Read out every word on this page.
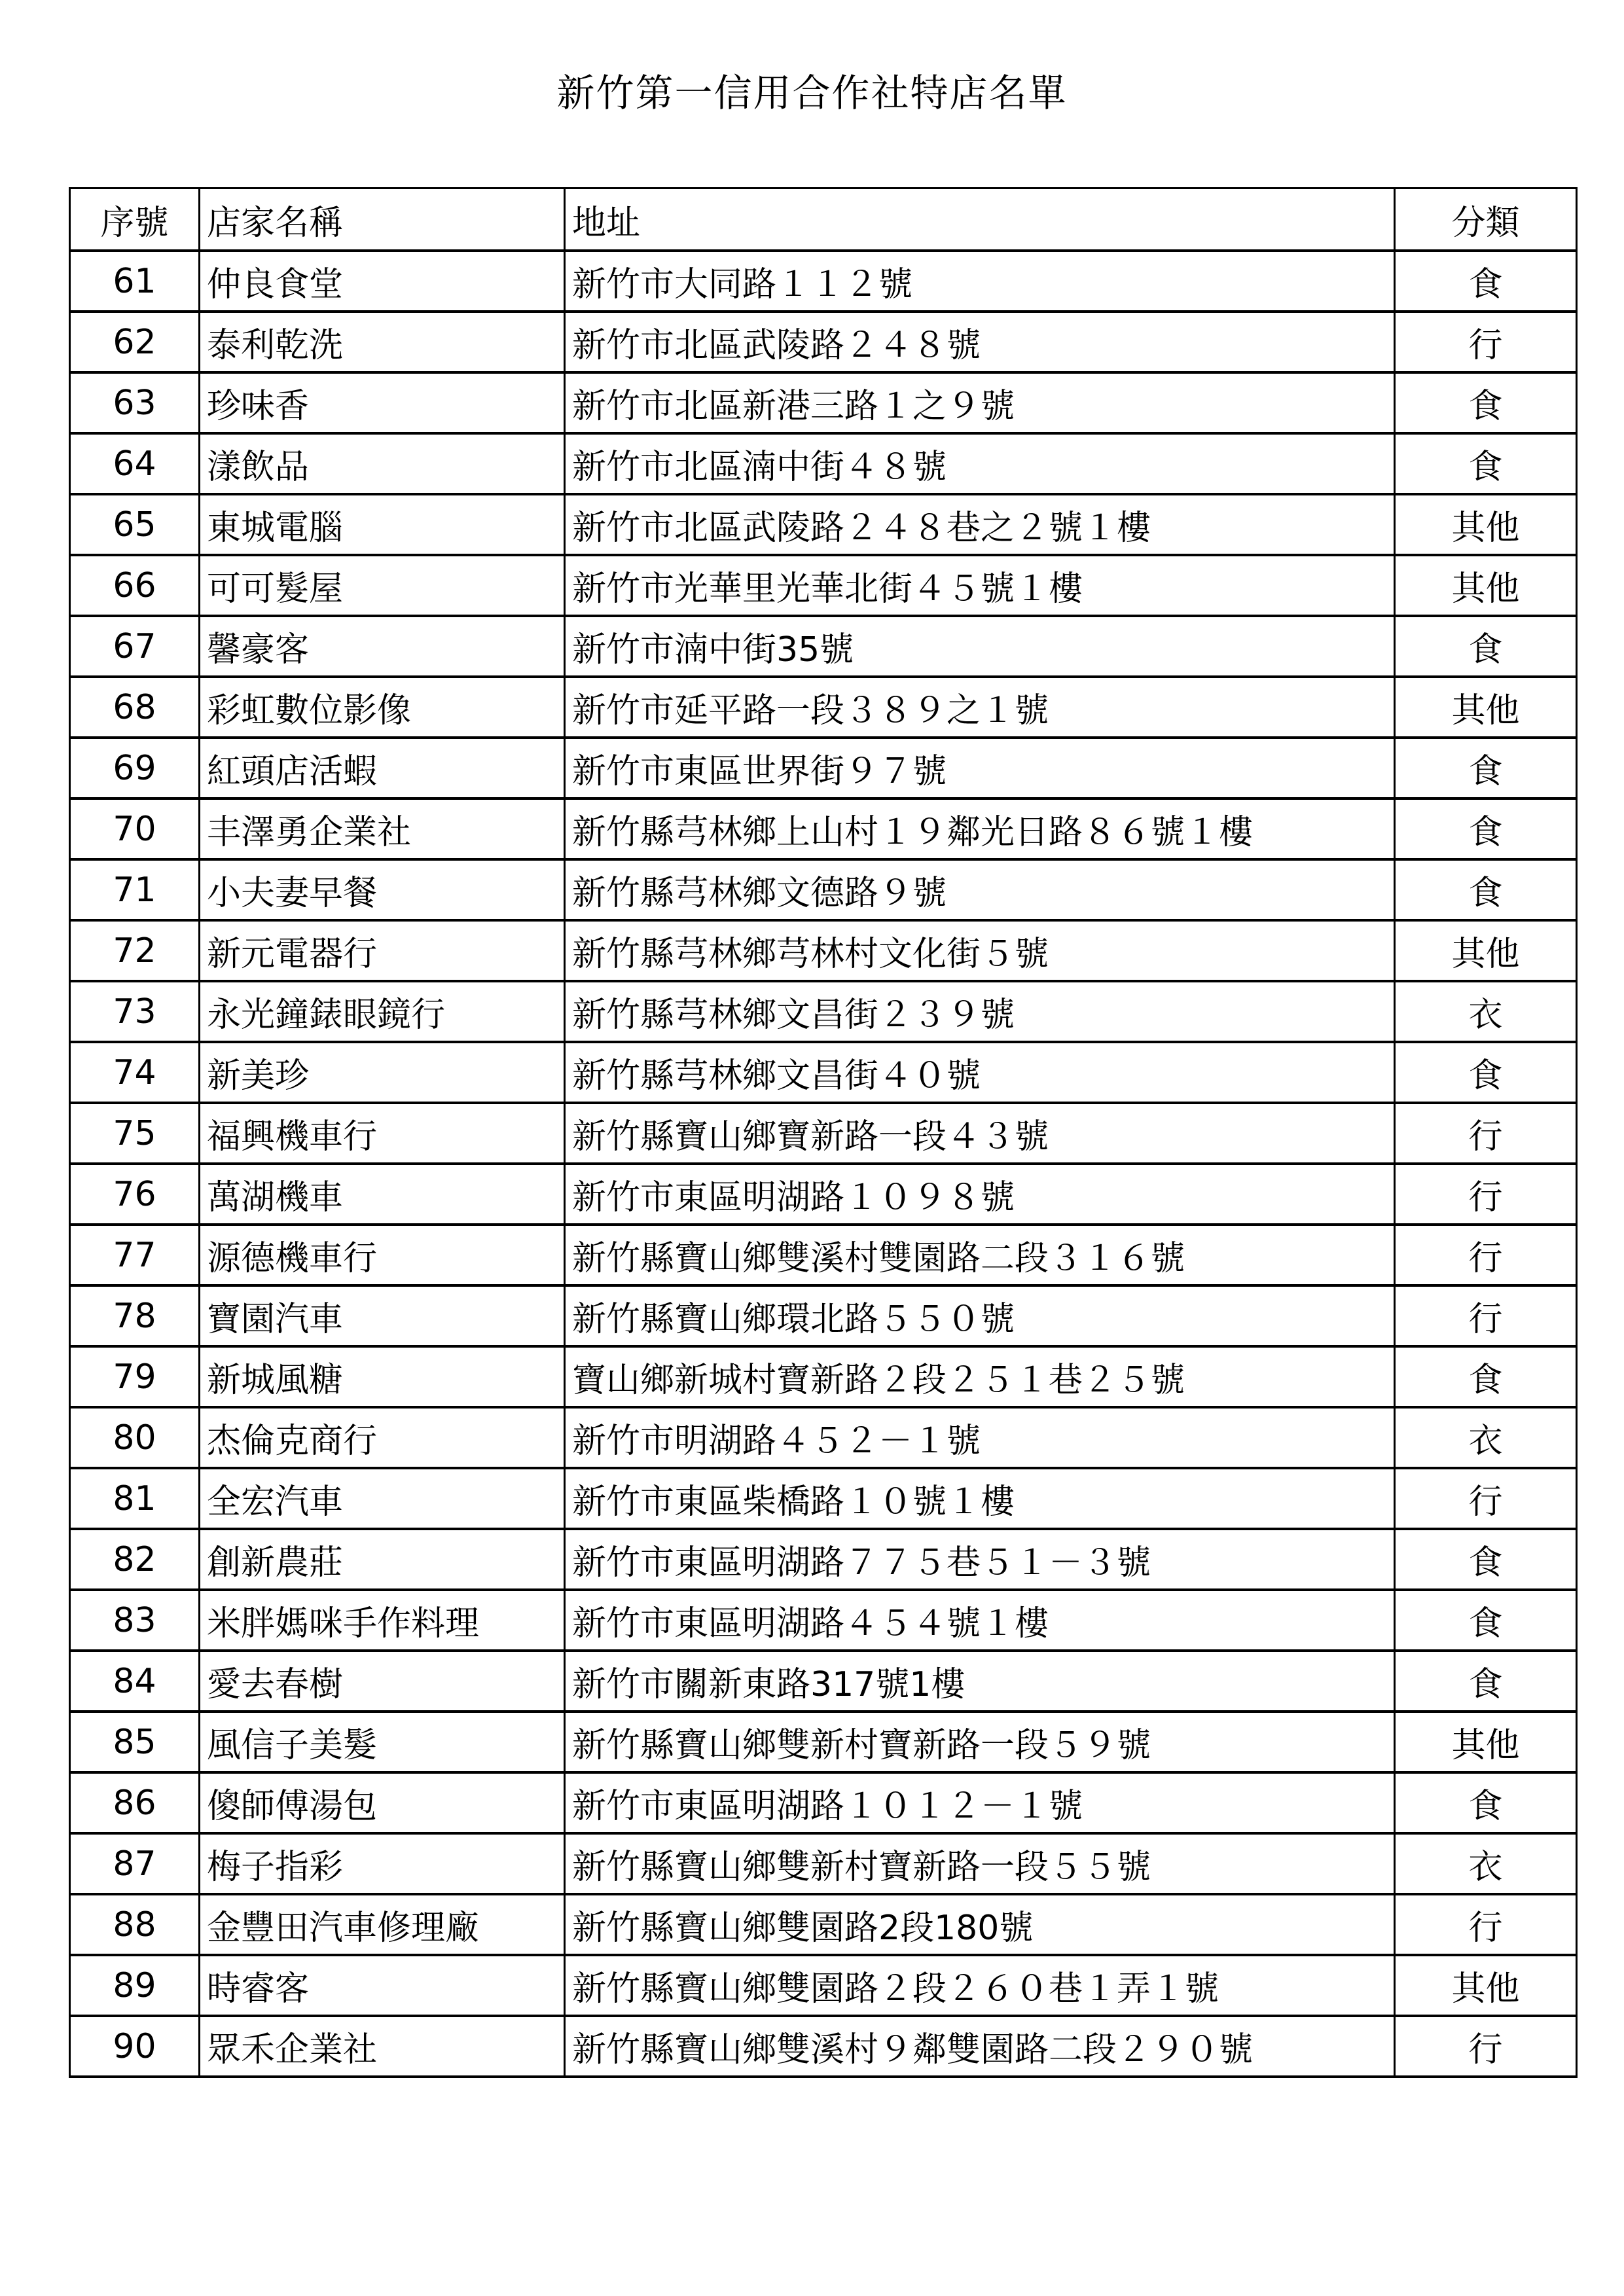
新竹第一信用合作社特店名單
序號	店家名稱	地址	分類
61	仲良食堂	新竹市大同路１１２號	食
62	泰利乾洗	新竹市北區武陵路２４８號	行
63	珍味香	新竹市北區新港三路１之９號	食
64	漾飲品	新竹市北區湳中街４８號	食
65	東城電腦	新竹市北區武陵路２４８巷之２號１樓	其他
66	可可髮屋	新竹市光華里光華北街４５號１樓	其他
67	馨豪客	新竹市湳中街35號	食
68	彩虹數位影像	新竹市延平路一段３８９之１號	其他
69	紅頭店活蝦	新竹市東區世界街９７號	食
70	丰澤勇企業社	新竹縣芎林鄉上山村１９鄰光日路８６號１樓	食
71	小夫妻早餐	新竹縣芎林鄉文德路９號	食
72	新元電器行	新竹縣芎林鄉芎林村文化街５號	其他
73	永光鐘錶眼鏡行	新竹縣芎林鄉文昌街２３９號	衣
74	新美珍	新竹縣芎林鄉文昌街４０號	食
75	福興機車行	新竹縣寶山鄉寶新路一段４３號	行
76	萬湖機車	新竹市東區明湖路１０９８號	行
77	源德機車行	新竹縣寶山鄉雙溪村雙園路二段３１６號	行
78	寶園汽車	新竹縣寶山鄉環北路５５０號	行
79	新城風糖	寶山鄉新城村寶新路２段２５１巷２５號	食
80	杰倫克商行	新竹市明湖路４５２－１號	衣
81	全宏汽車	新竹市東區柴橋路１０號１樓	行
82	創新農莊	新竹市東區明湖路７７５巷５１－３號	食
83	米胖媽咪手作料理	新竹市東區明湖路４５４號１樓	食
84	愛去春樹	新竹市關新東路317號1樓	食
85	風信子美髮	新竹縣寶山鄉雙新村寶新路一段５９號	其他
86	傻師傅湯包	新竹市東區明湖路１０１２－１號	食
87	梅子指彩	新竹縣寶山鄉雙新村寶新路一段５５號	衣
88	金豐田汽車修理廠	新竹縣寶山鄉雙園路2段180號	行
89	時睿客	新竹縣寶山鄉雙園路２段２６０巷１弄１號	其他
90	眾禾企業社	新竹縣寶山鄉雙溪村９鄰雙園路二段２９０號	行
